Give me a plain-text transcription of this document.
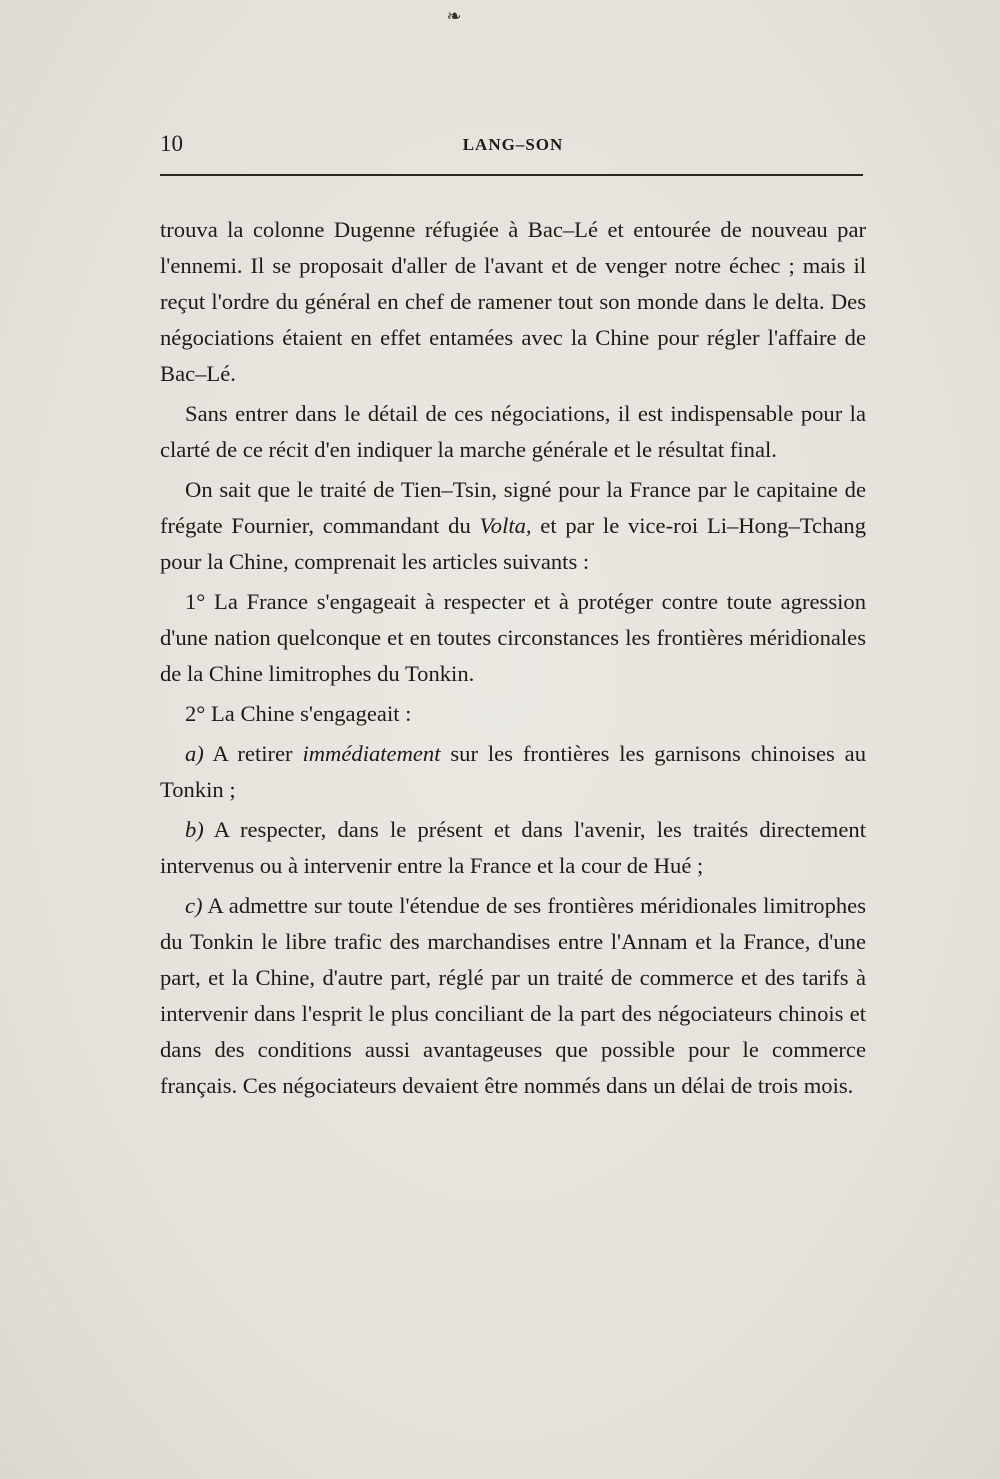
❧
10	LANG–SON

trouva la colonne Dugenne réfugiée à Bac–Lé et entourée de nouveau par l'ennemi. Il se proposait d'aller de l'avant et de venger notre échec ; mais il reçut l'ordre du général en chef de ramener tout son monde dans le delta. Des négociations étaient en effet entamées avec la Chine pour régler l'affaire de Bac–Lé.

Sans entrer dans le détail de ces négociations, il est indispensable pour la clarté de ce récit d'en indiquer la marche générale et le résultat final.

On sait que le traité de Tien–Tsin, signé pour la France par le capitaine de frégate Fournier, commandant du Volta, et par le vice-roi Li–Hong–Tchang pour la Chine, comprenait les articles suivants :

1° La France s'engageait à respecter et à protéger contre toute agression d'une nation quelconque et en toutes circonstances les frontières méridionales de la Chine limitrophes du Tonkin.

2° La Chine s'engageait :

a) A retirer immédiatement sur les frontières les garnisons chinoises au Tonkin ;

b) A respecter, dans le présent et dans l'avenir, les traités directement intervenus ou à intervenir entre la France et la cour de Hué ;

c) A admettre sur toute l'étendue de ses frontières méridionales limitrophes du Tonkin le libre trafic des marchandises entre l'Annam et la France, d'une part, et la Chine, d'autre part, réglé par un traité de commerce et des tarifs à intervenir dans l'esprit le plus conciliant de la part des négociateurs chinois et dans des conditions aussi avantageuses que possible pour le commerce français. Ces négociateurs devaient être nommés dans un délai de trois mois.
